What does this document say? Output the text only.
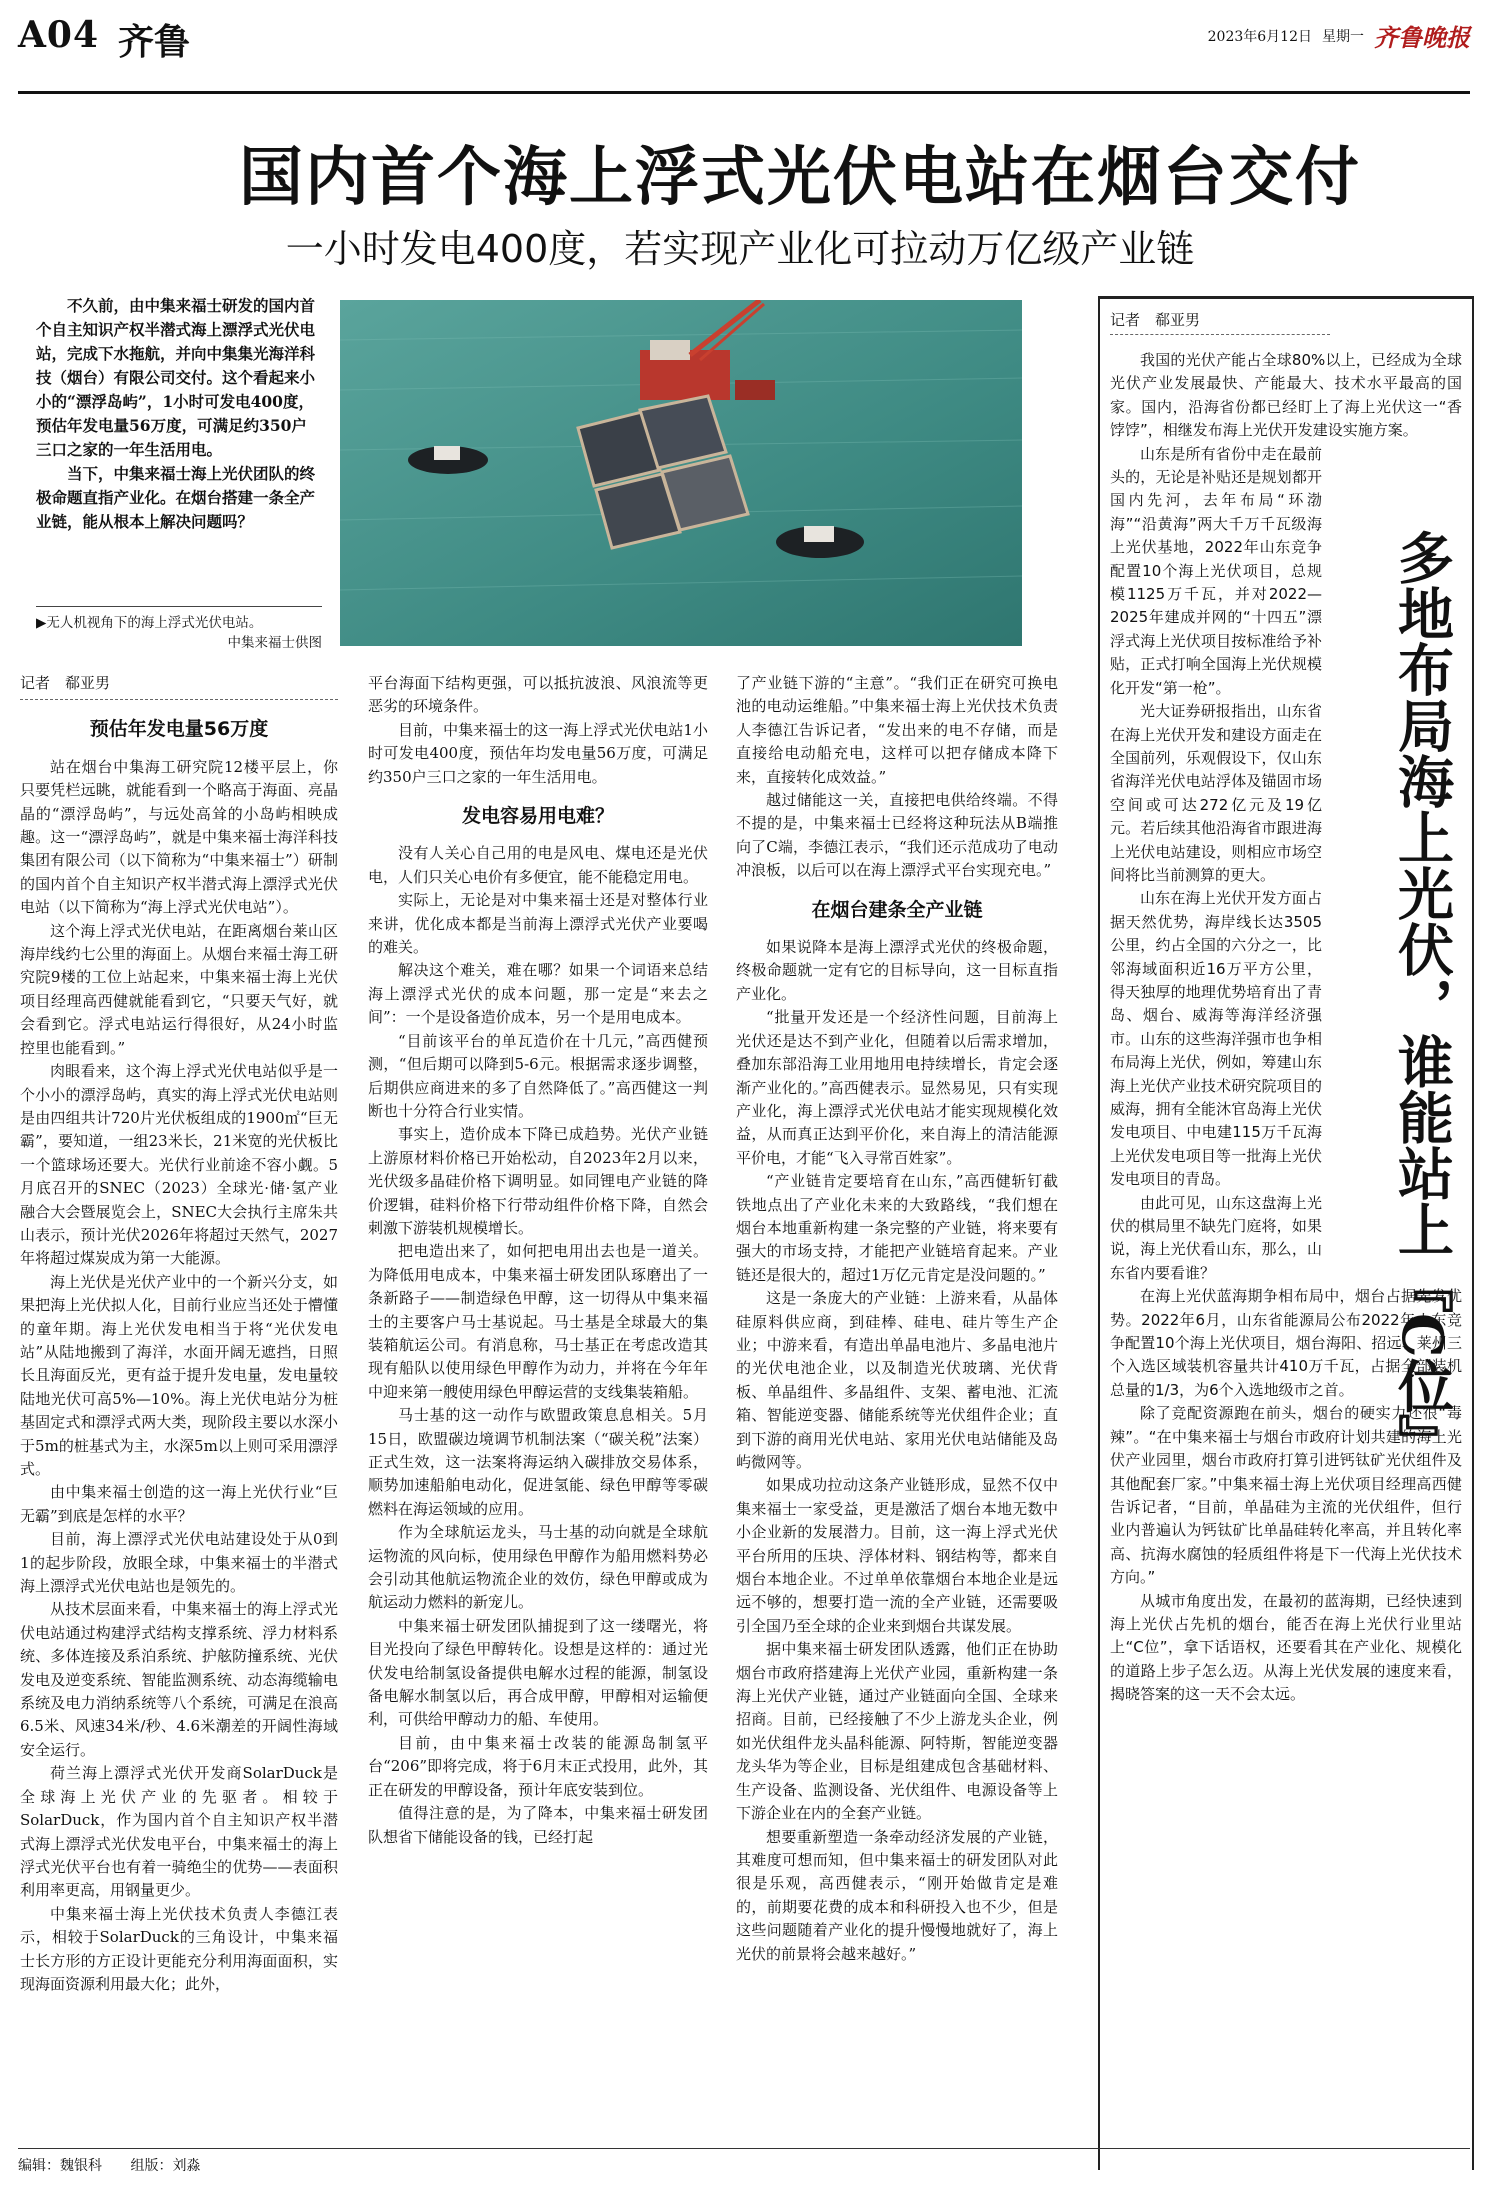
A04 齐鲁	2023年6月12日 星期一 齐鲁晚报
国内首个海上浮式光伏电站在烟台交付
一小时发电400度，若实现产业化可拉动万亿级产业链

不久前，由中集来福士研发的国内首个自主知识产权半潜式海上漂浮式光伏电站，完成下水拖航，并向中集集光海洋科技（烟台）有限公司交付。这个看起来小小的“漂浮岛屿”，1小时可发电400度，预估年发电量56万度，可满足约350户三口之家的一年生活用电。

当下，中集来福士海上光伏团队的终极命题直指产业化。在烟台搭建一条全产业链，能从根本上解决问题吗？

▶无人机视角下的海上浮式光伏电站。
中集来福士供图
记者　郗亚男
预估年发电量56万度

站在烟台中集海工研究院12楼平层上，你只要凭栏远眺，就能看到一个略高于海面、亮晶晶的“漂浮岛屿”，与远处高耸的小岛屿相映成趣。这一“漂浮岛屿”，就是中集来福士海洋科技集团有限公司（以下简称为“中集来福士”）研制的国内首个自主知识产权半潜式海上漂浮式光伏电站（以下简称为“海上浮式光伏电站”）。

这个海上浮式光伏电站，在距离烟台莱山区海岸线约七公里的海面上。从烟台来福士海工研究院9楼的工位上站起来，中集来福士海上光伏项目经理高西健就能看到它，“只要天气好，就会看到它。浮式电站运行得很好，从24小时监控里也能看到。”

肉眼看来，这个海上浮式光伏电站似乎是一个小小的漂浮岛屿，真实的海上浮式光伏电站则是由四组共计720片光伏板组成的1900㎡“巨无霸”，要知道，一组23米长，21米宽的光伏板比一个篮球场还要大。光伏行业前途不容小觑。5月底召开的SNEC（2023）全球光·储·氢产业融合大会暨展览会上，SNEC大会执行主席朱共山表示，预计光伏2026年将超过天然气，2027年将超过煤炭成为第一大能源。

海上光伏是光伏产业中的一个新兴分支，如果把海上光伏拟人化，目前行业应当还处于懵懂的童年期。海上光伏发电相当于将“光伏发电站”从陆地搬到了海洋，水面开阔无遮挡，日照长且海面反光，更有益于提升发电量，发电量较陆地光伏可高5%—10%。海上光伏电站分为桩基固定式和漂浮式两大类，现阶段主要以水深小于5m的桩基式为主，水深5m以上则可采用漂浮式。

由中集来福士创造的这一海上光伏行业“巨无霸”到底是怎样的水平？

目前，海上漂浮式光伏电站建设处于从0到1的起步阶段，放眼全球，中集来福士的半潜式海上漂浮式光伏电站也是领先的。

从技术层面来看，中集来福士的海上浮式光伏电站通过构建浮式结构支撑系统、浮力材料系统、多体连接及系泊系统、护舷防撞系统、光伏发电及逆变系统、智能监测系统、动态海缆输电系统及电力消纳系统等八个系统，可满足在浪高6.5米、风速34米/秒、4.6米潮差的开阔性海域安全运行。

荷兰海上漂浮式光伏开发商SolarDuck是全球海上光伏产业的先驱者。相较于SolarDuck，作为国内首个自主知识产权半潜式海上漂浮式光伏发电平台，中集来福士的海上浮式光伏平台也有着一骑绝尘的优势——表面积利用率更高，用钢量更少。

中集来福士海上光伏技术负责人李德江表示，相较于SolarDuck的三角设计，中集来福士长方形的方正设计更能充分利用海面面积，实现海面资源利用最大化；此外，

平台海面下结构更强，可以抵抗波浪、风浪流等更恶劣的环境条件。

目前，中集来福士的这一海上浮式光伏电站1小时可发电400度，预估年均发电量56万度，可满足约350户三口之家的一年生活用电。

发电容易用电难？

没有人关心自己用的电是风电、煤电还是光伏电，人们只关心电价有多便宜，能不能稳定用电。

实际上，无论是对中集来福士还是对整体行业来讲，优化成本都是当前海上漂浮式光伏产业要喝的难关。

解决这个难关，难在哪？如果一个词语来总结海上漂浮式光伏的成本问题，那一定是“来去之间”：一个是设备造价成本，另一个是用电成本。

“目前该平台的单瓦造价在十几元，”高西健预测，“但后期可以降到5-6元。根据需求逐步调整，后期供应商进来的多了自然降低了。”高西健这一判断也十分符合行业实情。

事实上，造价成本下降已成趋势。光伏产业链上游原材料价格已开始松动，自2023年2月以来，光伏级多晶硅价格下调明显。如同锂电产业链的降价逻辑，硅料价格下行带动组件价格下降，自然会刺激下游装机规模增长。

把电造出来了，如何把电用出去也是一道关。为降低用电成本，中集来福士研发团队琢磨出了一条新路子——制造绿色甲醇，这一切得从中集来福士的主要客户马士基说起。马士基是全球最大的集装箱航运公司。有消息称，马士基正在考虑改造其现有船队以使用绿色甲醇作为动力，并将在今年年中迎来第一艘使用绿色甲醇运营的支线集装箱船。

马士基的这一动作与欧盟政策息息相关。5月15日，欧盟碳边境调节机制法案（“碳关税”法案）正式生效，这一法案将海运纳入碳排放交易体系，顺势加速船舶电动化，促进氢能、绿色甲醇等零碳燃料在海运领域的应用。

作为全球航运龙头，马士基的动向就是全球航运物流的风向标，使用绿色甲醇作为船用燃料势必会引动其他航运物流企业的效仿，绿色甲醇或成为航运动力燃料的新宠儿。

中集来福士研发团队捕捉到了这一缕曙光，将目光投向了绿色甲醇转化。设想是这样的：通过光伏发电给制氢设备提供电解水过程的能源，制氢设备电解水制氢以后，再合成甲醇，甲醇相对运输便利，可供给甲醇动力的船、车使用。

目前，由中集来福士改装的能源岛制氢平台“206”即将完成，将于6月末正式投用，此外，其正在研发的甲醇设备，预计年底安装到位。

值得注意的是，为了降本，中集来福士研发团队想省下储能设备的钱，已经打起

了产业链下游的“主意”。“我们正在研究可换电池的电动运维船。”中集来福士海上光伏技术负责人李德江告诉记者，“发出来的电不存储，而是直接给电动船充电，这样可以把存储成本降下来，直接转化成效益。”

越过储能这一关，直接把电供给终端。不得不提的是，中集来福士已经将这种玩法从B端推向了C端，李德江表示，“我们还示范成功了电动冲浪板，以后可以在海上漂浮式平台实现充电。”

在烟台建条全产业链

如果说降本是海上漂浮式光伏的终极命题，终极命题就一定有它的目标导向，这一目标直指产业化。

“批量开发还是一个经济性问题，目前海上光伏还是达不到产业化，但随着以后需求增加，叠加东部沿海工业用地用电持续增长，肯定会逐渐产业化的。”高西健表示。显然易见，只有实现产业化，海上漂浮式光伏电站才能实现规模化效益，从而真正达到平价化，来自海上的清洁能源平价电，才能“飞入寻常百姓家”。

“产业链肯定要培育在山东，”高西健斩钉截铁地点出了产业化未来的大致路线，“我们想在烟台本地重新构建一条完整的产业链，将来要有强大的市场支持，才能把产业链培育起来。产业链还是很大的，超过1万亿元肯定是没问题的。”

这是一条庞大的产业链：上游来看，从晶体硅原料供应商，到硅棒、硅电、硅片等生产企业；中游来看，有造出单晶电池片、多晶电池片的光伏电池企业，以及制造光伏玻璃、光伏背板、单晶组件、多晶组件、支架、蓄电池、汇流箱、智能逆变器、储能系统等光伏组件企业；直到下游的商用光伏电站、家用光伏电站储能及岛屿微网等。

如果成功拉动这条产业链形成，显然不仅中集来福士一家受益，更是激活了烟台本地无数中小企业新的发展潜力。目前，这一海上浮式光伏平台所用的压块、浮体材料、钢结构等，都来自烟台本地企业。不过单单依靠烟台本地企业是远远不够的，想要打造一流的全产业链，还需要吸引全国乃至全球的企业来到烟台共谋发展。

据中集来福士研发团队透露，他们正在协助烟台市政府搭建海上光伏产业园，重新构建一条海上光伏产业链，通过产业链面向全国、全球来招商。目前，已经接触了不少上游龙头企业，例如光伏组件龙头晶科能源、阿特斯，智能逆变器龙头华为等企业，目标是组建成包含基础材料、生产设备、监测设备、光伏组件、电源设备等上下游企业在内的全套产业链。

想要重新塑造一条牵动经济发展的产业链，其难度可想而知，但中集来福士的研发团队对此很是乐观，高西健表示，“刚开始做肯定是难的，前期要花费的成本和科研投入也不少，但是这些问题随着产业化的提升慢慢地就好了，海上光伏的前景将会越来越好。”

记者　郗亚男

我国的光伏产能占全球80%以上，已经成为全球光伏产业发展最快、产能最大、技术水平最高的国家。国内，沿海省份都已经盯上了海上光伏这一“香饽饽”，相继发布海上光伏开发建设实施方案。

山东是所有省份中走在最前头的，无论是补贴还是规划都开国内先河，去年布局“环渤海”“沿黄海”两大千万千瓦级海上光伏基地，2022年山东竞争配置10个海上光伏项目，总规模1125万千瓦，并对2022—2025年建成并网的“十四五”漂浮式海上光伏项目按标准给予补贴，正式打响全国海上光伏规模化开发“第一枪”。

光大证券研报指出，山东省在海上光伏开发和建设方面走在全国前列，乐观假设下，仅山东省海洋光伏电站浮体及锚固市场空间或可达272亿元及19亿元。若后续其他沿海省市跟进海上光伏电站建设，则相应市场空间将比当前测算的更大。

山东在海上光伏开发方面占据天然优势，海岸线长达3505公里，约占全国的六分之一，比邻海域面积近16万平方公里，得天独厚的地理优势培育出了青岛、烟台、威海等海洋经济强市。山东的这些海洋强市也争相布局海上光伏，例如，筹建山东海上光伏产业技术研究院项目的威海，拥有全能沐官岛海上光伏发电项目、中电建115万千瓦海上光伏发电项目等一批海上光伏发电项目的青岛。

由此可见，山东这盘海上光伏的棋局里不缺先门庭将，如果说，海上光伏看山东，那么，山东省内要看谁？

在海上光伏蓝海期争相布局中，烟台占据先发优势。2022年6月，山东省能源局公布2022年山东竞争配置10个海上光伏项目，烟台海阳、招远、莱州三个入选区域装机容量共计410万千瓦，占据全部装机总量的1/3，为6个入选地级市之首。

除了竞配资源跑在前头，烟台的硬实力还很“毒辣”。“在中集来福士与烟台市政府计划共建的海上光伏产业园里，烟台市政府打算引进钙钛矿光伏组件及其他配套厂家。”中集来福士海上光伏项目经理高西健告诉记者，“目前，单晶硅为主流的光伏组件，但行业内普遍认为钙钛矿比单晶硅转化率高，并且转化率高、抗海水腐蚀的轻质组件将是下一代海上光伏技术方向。”

从城市角度出发，在最初的蓝海期，已经快速到海上光伏占先机的烟台，能否在海上光伏行业里站上“C位”，拿下话语权，还要看其在产业化、规模化的道路上步子怎么迈。从海上光伏发展的速度来看，揭晓答案的这一天不会太远。

多地布局海上光伏，谁能站上『C位』
编辑：魏银科 组版：刘淼
